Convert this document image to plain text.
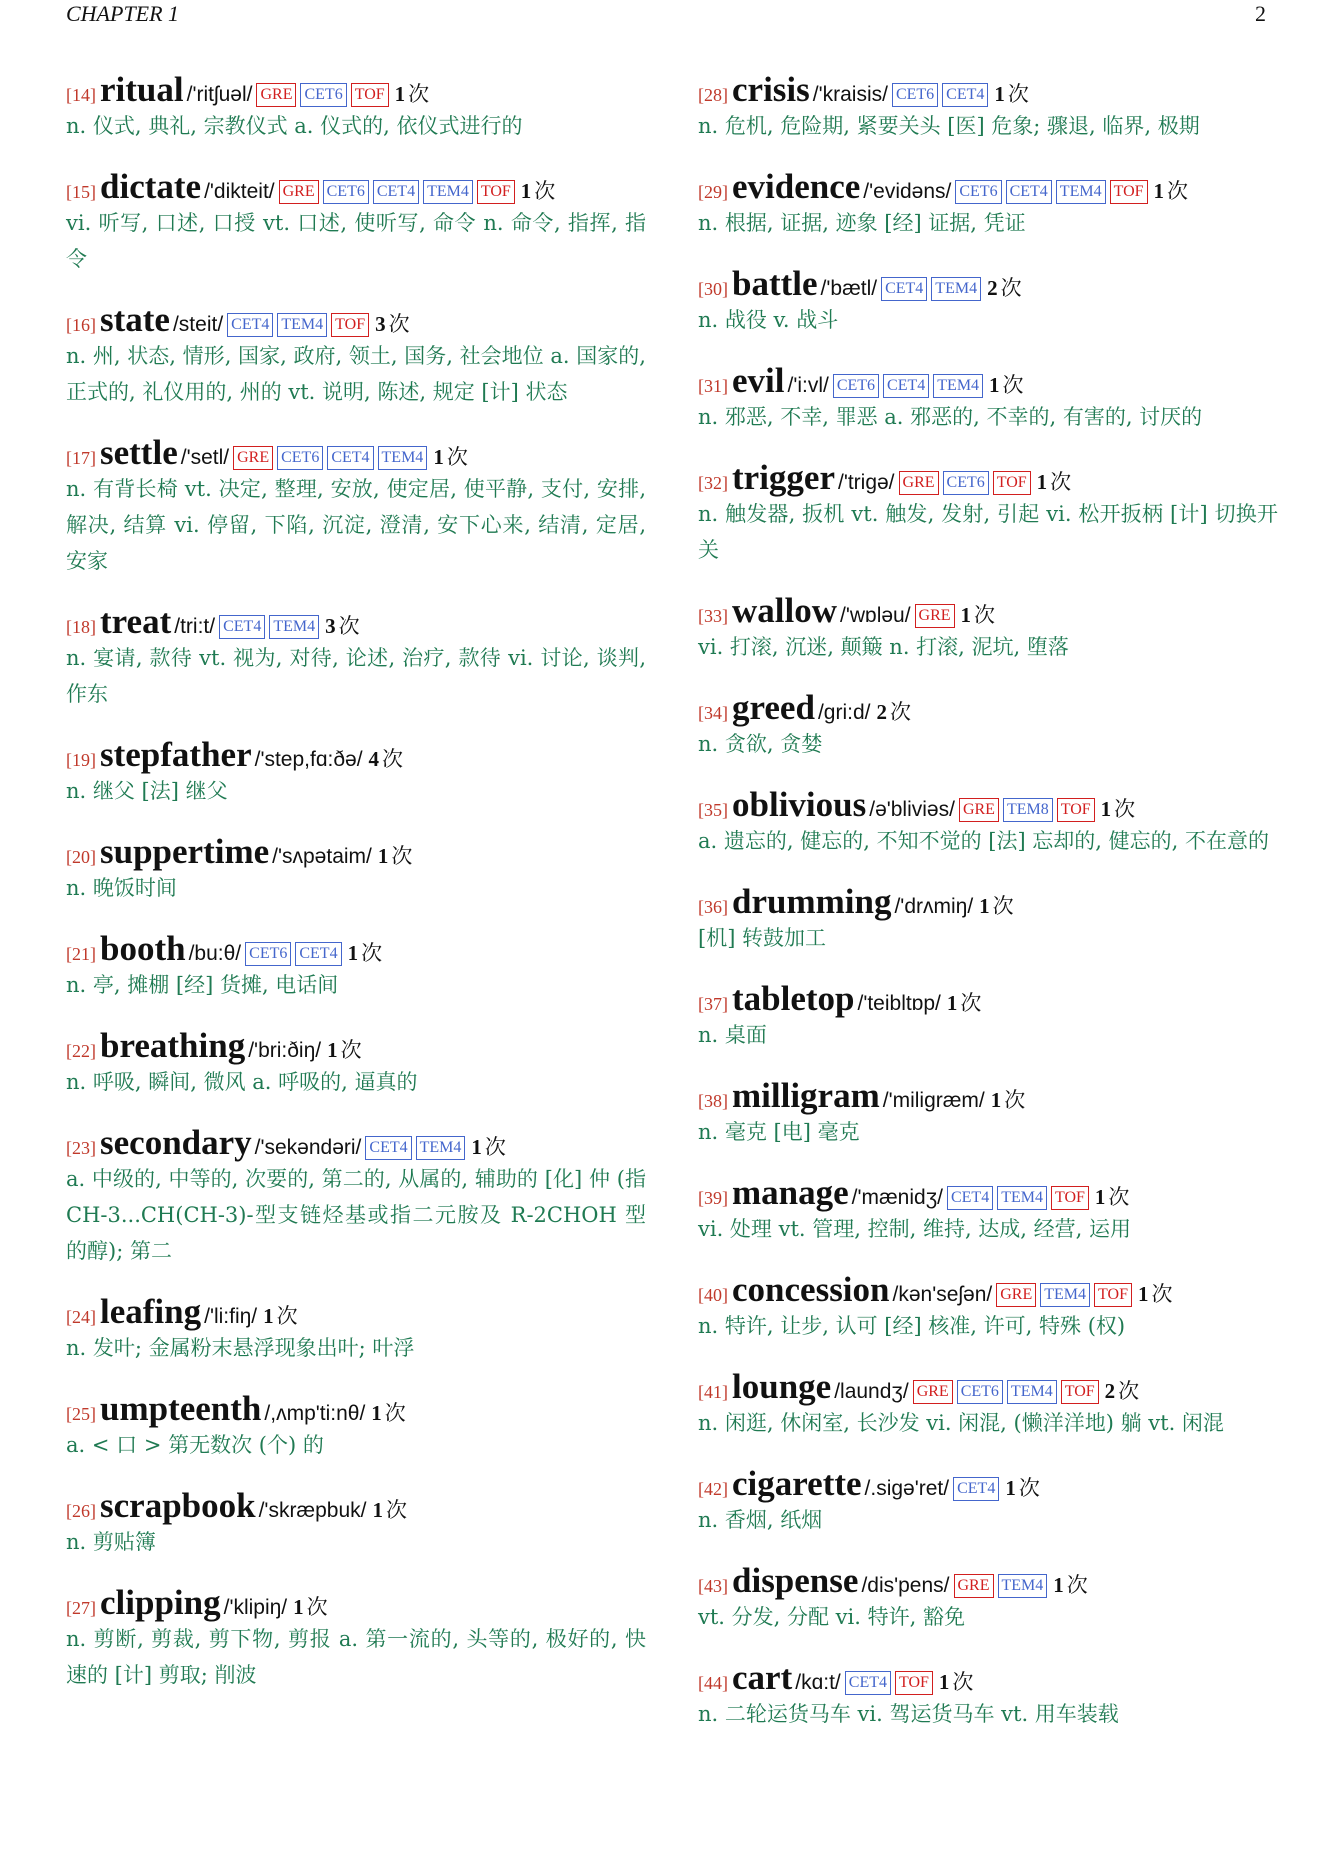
CHAPTER 1	2
[14] ritual /'ritʃuəl/ GRE CET6 TOF 1 次
n. 仪式, 典礼, 宗教仪式 a. 仪式的, 依仪式进行的
[15] dictate /'dikteit/ GRE CET6 CET4 TEM4 TOF 1 次
vi. 听写, 口述, 口授 vt. 口述, 使听写, 命令 n. 命令, 指挥, 指令
[16] state /steit/ CET4 TEM4 TOF 3 次
n. 州, 状态, 情形, 国家, 政府, 领土, 国务, 社会地位 a. 国家的, 正式的, 礼仪用的, 州的 vt. 说明, 陈述, 规定 [计] 状态
[17] settle /'setl/ GRE CET6 CET4 TEM4 1 次
n. 有背长椅 vt. 决定, 整理, 安放, 使定居, 使平静, 支付, 安排, 解决, 结算 vi. 停留, 下陷, 沉淀, 澄清, 安下心来, 结清, 定居, 安家
[18] treat /tri:t/ CET4 TEM4 3 次
n. 宴请, 款待 vt. 视为, 对待, 论述, 治疗, 款待 vi. 讨论, 谈判, 作东
[19] stepfather /'step,fɑ:ðə/ 4 次
n. 继父 [法] 继父
[20] suppertime /'sʌpətaim/ 1 次
n. 晚饭时间
[21] booth /bu:θ/ CET6 CET4 1 次
n. 亭, 摊棚 [经] 货摊, 电话间
[22] breathing /'bri:ðiŋ/ 1 次
n. 呼吸, 瞬间, 微风 a. 呼吸的, 逼真的
[23] secondary /'sekəndəri/ CET4 TEM4 1 次
a. 中级的, 中等的, 次要的, 第二的, 从属的, 辅助的 [化] 仲 (指 CH-3...CH(CH-3)-型支链烃基或指二元胺及 R-2CHOH 型的醇); 第二
[24] leafing /'li:fiŋ/ 1 次
n. 发叶; 金属粉末悬浮现象出叶; 叶浮
[25] umpteenth /,ʌmp'ti:nθ/ 1 次
a. < 口 > 第无数次 (个) 的
[26] scrapbook /'skræpbuk/ 1 次
n. 剪贴簿
[27] clipping /'klipiŋ/ 1 次
n. 剪断, 剪裁, 剪下物, 剪报 a. 第一流的, 头等的, 极好的, 快速的 [计] 剪取; 削波
[28] crisis /'kraisis/ CET6 CET4 1 次
n. 危机, 危险期, 紧要关头 [医] 危象; 骤退, 临界, 极期
[29] evidence /'evidəns/ CET6 CET4 TEM4 TOF 1 次
n. 根据, 证据, 迹象 [经] 证据, 凭证
[30] battle /'bætl/ CET4 TEM4 2 次
n. 战役 v. 战斗
[31] evil /'i:vl/ CET6 CET4 TEM4 1 次
n. 邪恶, 不幸, 罪恶 a. 邪恶的, 不幸的, 有害的, 讨厌的
[32] trigger /'trigə/ GRE CET6 TOF 1 次
n. 触发器, 扳机 vt. 触发, 发射, 引起 vi. 松开扳柄 [计] 切换开关
[33] wallow /'wɒləu/ GRE 1 次
vi. 打滚, 沉迷, 颠簸 n. 打滚, 泥坑, 堕落
[34] greed /gri:d/ 2 次
n. 贪欲, 贪婪
[35] oblivious /ə'bliviəs/ GRE TEM8 TOF 1 次
a. 遗忘的, 健忘的, 不知不觉的 [法] 忘却的, 健忘的, 不在意的
[36] drumming /'drʌmiŋ/ 1 次
[机] 转鼓加工
[37] tabletop /'teibltɒp/ 1 次
n. 桌面
[38] milligram /'miligræm/ 1 次
n. 毫克 [电] 毫克
[39] manage /'mænidʒ/ CET4 TEM4 TOF 1 次
vi. 处理 vt. 管理, 控制, 维持, 达成, 经营, 运用
[40] concession /kən'seʃən/ GRE TEM4 TOF 1 次
n. 特许, 让步, 认可 [经] 核准, 许可, 特殊 (权)
[41] lounge /laundʒ/ GRE CET6 TEM4 TOF 2 次
n. 闲逛, 休闲室, 长沙发 vi. 闲混, (懒洋洋地) 躺 vt. 闲混
[42] cigarette /.sigə'ret/ CET4 1 次
n. 香烟, 纸烟
[43] dispense /dis'pens/ GRE TEM4 1 次
vt. 分发, 分配 vi. 特许, 豁免
[44] cart /kɑ:t/ CET4 TOF 1 次
n. 二轮运货马车 vi. 驾运货马车 vt. 用车装载
